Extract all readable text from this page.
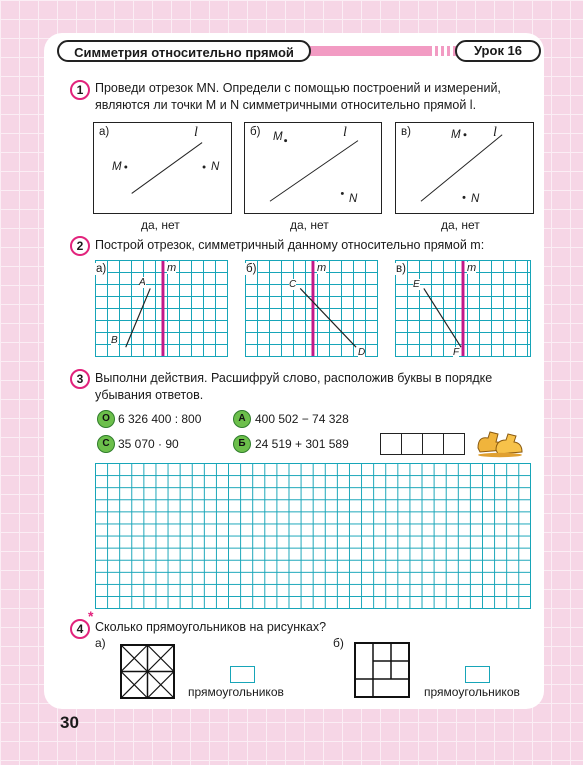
Симметрия относительно прямой	Урок 16
1 Проведи отрезок MN. Определи с помощью построений и измерений,
являются ли точки M и N симметричными относительно прямой l.
а)	l
M	N
да, нет
б)	l
M
N
да, нет
в)	l
M
N
да, нет
2 Построй отрезок, симметричный данному относительно прямой m:
а)	m
A
B
б)	m
C
D
в)	m
E
F
3 Выполни действия. Расшифруй слово, расположив буквы в порядке
убывания ответов.
О 6 326 400 : 800	А 400 502 − 74 328
С 35 070 · 90	Б 24 519 + 301 589
4
*
Сколько прямоугольников на рисунках?
а)	б)
прямоугольников	прямоугольников
30
